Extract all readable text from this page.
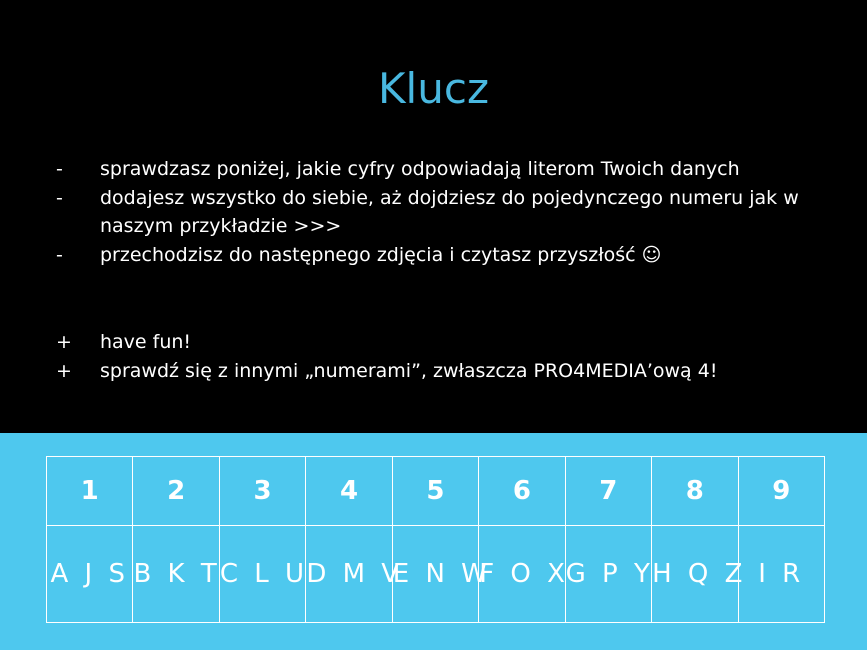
Klucz
-	sprawdzasz poniżej, jakie cyfry odpowiadają literom Twoich danych
-	dodajesz wszystko do siebie, aż dojdziesz do pojedynczego numeru jak w
naszym przykładzie >>>
-	przechodzisz do następnego zdjęcia i czytasz przyszłość ☺
+ have fun!
+ sprawdź się z innymi „numerami”, zwłaszcza PRO4MEDIA’ową 4!
1	2	3	4	5	6	7	8	9
A J S	B K T	C L U	D M V	E N W	F O X	G P Y	H Q Z	I R
